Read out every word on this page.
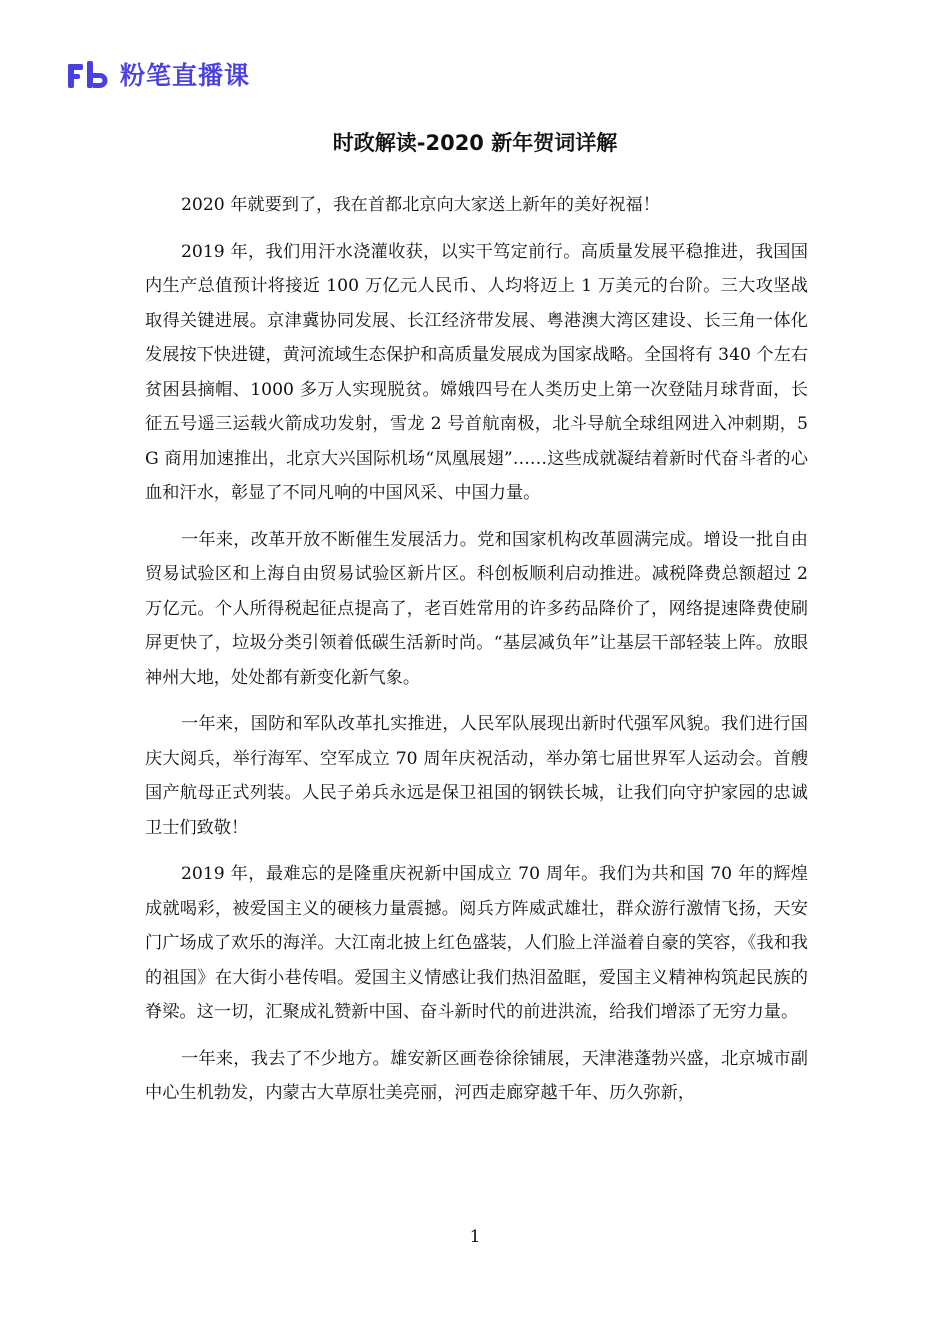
粉笔直播课
时政解读-2020 新年贺词详解

2020 年就要到了，我在首都北京向大家送上新年的美好祝福！

2019 年，我们用汗水浇灌收获，以实干笃定前行。高质量发展平稳推进，我国国内生产总值预计将接近 100 万亿元人民币、人均将迈上 1 万美元的台阶。三大攻坚战取得关键进展。京津冀协同发展、长江经济带发展、粤港澳大湾区建设、长三角一体化发展按下快进键，黄河流域生态保护和高质量发展成为国家战略。全国将有 340 个左右贫困县摘帽、1000 多万人实现脱贫。嫦娥四号在人类历史上第一次登陆月球背面，长征五号遥三运载火箭成功发射，雪龙 2 号首航南极，北斗导航全球组网进入冲刺期，5G 商用加速推出，北京大兴国际机场“凤凰展翅”……这些成就凝结着新时代奋斗者的心血和汗水，彰显了不同凡响的中国风采、中国力量。

一年来，改革开放不断催生发展活力。党和国家机构改革圆满完成。增设一批自由贸易试验区和上海自由贸易试验区新片区。科创板顺利启动推进。减税降费总额超过 2 万亿元。个人所得税起征点提高了，老百姓常用的许多药品降价了，网络提速降费使刷屏更快了，垃圾分类引领着低碳生活新时尚。“基层减负年”让基层干部轻装上阵。放眼神州大地，处处都有新变化新气象。

一年来，国防和军队改革扎实推进，人民军队展现出新时代强军风貌。我们进行国庆大阅兵，举行海军、空军成立 70 周年庆祝活动，举办第七届世界军人运动会。首艘国产航母正式列装。人民子弟兵永远是保卫祖国的钢铁长城，让我们向守护家园的忠诚卫士们致敬！

2019 年，最难忘的是隆重庆祝新中国成立 70 周年。我们为共和国 70 年的辉煌成就喝彩，被爱国主义的硬核力量震撼。阅兵方阵威武雄壮，群众游行激情飞扬，天安门广场成了欢乐的海洋。大江南北披上红色盛装，人们脸上洋溢着自豪的笑容，《我和我的祖国》在大街小巷传唱。爱国主义情感让我们热泪盈眶，爱国主义精神构筑起民族的脊梁。这一切，汇聚成礼赞新中国、奋斗新时代的前进洪流，给我们增添了无穷力量。

一年来，我去了不少地方。雄安新区画卷徐徐铺展，天津港蓬勃兴盛，北京城市副中心生机勃发，内蒙古大草原壮美亮丽，河西走廊穿越千年、历久弥新，

1
